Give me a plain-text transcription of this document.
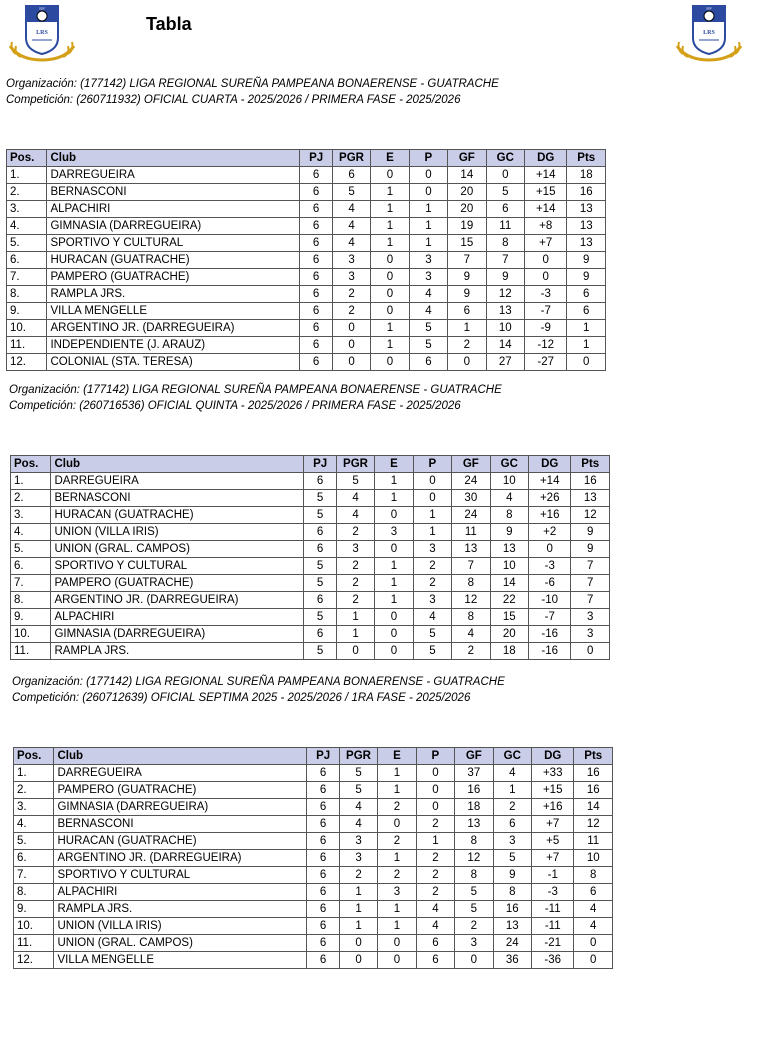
SDF
LRS	Tabla
SDF
LRS
Organización: (177142) LIGA REGIONAL SUREÑA PAMPEANA BONAERENSE - GUATRACHE
Competición: (260711932) OFICIAL CUARTA - 2025/2026 / PRIMERA FASE - 2025/2026
Pos.	Club	PJ	PGR	E	P	GF	GC	DG	Pts
1.	DARREGUEIRA	6	6	0	0	14	0	+14	18
2.	BERNASCONI	6	5	1	0	20	5	+15	16
3.	ALPACHIRI	6	4	1	1	20	6	+14	13
4.	GIMNASIA (DARREGUEIRA)	6	4	1	1	19	11	+8	13
5.	SPORTIVO Y CULTURAL	6	4	1	1	15	8	+7	13
6.	HURACAN (GUATRACHE)	6	3	0	3	7	7	0	9
7.	PAMPERO (GUATRACHE)	6	3	0	3	9	9	0	9
8.	RAMPLA JRS.	6	2	0	4	9	12	-3	6
9.	VILLA MENGELLE	6	2	0	4	6	13	-7	6
10.	ARGENTINO JR. (DARREGUEIRA)	6	0	1	5	1	10	-9	1
11.	INDEPENDIENTE (J. ARAUZ)	6	0	1	5	2	14	-12	1
12.	COLONIAL (STA. TERESA)	6	0	0	6	0	27	-27	0
Organización: (177142) LIGA REGIONAL SUREÑA PAMPEANA BONAERENSE - GUATRACHE
Competición: (260716536) OFICIAL QUINTA - 2025/2026 / PRIMERA FASE - 2025/2026
Pos.	Club	PJ	PGR	E	P	GF	GC	DG	Pts
1.	DARREGUEIRA	6	5	1	0	24	10	+14	16
2.	BERNASCONI	5	4	1	0	30	4	+26	13
3.	HURACAN (GUATRACHE)	5	4	0	1	24	8	+16	12
4.	UNION (VILLA IRIS)	6	2	3	1	11	9	+2	9
5.	UNION (GRAL. CAMPOS)	6	3	0	3	13	13	0	9
6.	SPORTIVO Y CULTURAL	5	2	1	2	7	10	-3	7
7.	PAMPERO (GUATRACHE)	5	2	1	2	8	14	-6	7
8.	ARGENTINO JR. (DARREGUEIRA)	6	2	1	3	12	22	-10	7
9.	ALPACHIRI	5	1	0	4	8	15	-7	3
10.	GIMNASIA (DARREGUEIRA)	6	1	0	5	4	20	-16	3
11.	RAMPLA JRS.	5	0	0	5	2	18	-16	0
Organización: (177142) LIGA REGIONAL SUREÑA PAMPEANA BONAERENSE - GUATRACHE
Competición: (260712639) OFICIAL SEPTIMA 2025 - 2025/2026 / 1RA FASE - 2025/2026
Pos.	Club	PJ	PGR	E	P	GF	GC	DG	Pts
1.	DARREGUEIRA	6	5	1	0	37	4	+33	16
2.	PAMPERO (GUATRACHE)	6	5	1	0	16	1	+15	16
3.	GIMNASIA (DARREGUEIRA)	6	4	2	0	18	2	+16	14
4.	BERNASCONI	6	4	0	2	13	6	+7	12
5.	HURACAN (GUATRACHE)	6	3	2	1	8	3	+5	11
6.	ARGENTINO JR. (DARREGUEIRA)	6	3	1	2	12	5	+7	10
7.	SPORTIVO Y CULTURAL	6	2	2	2	8	9	-1	8
8.	ALPACHIRI	6	1	3	2	5	8	-3	6
9.	RAMPLA JRS.	6	1	1	4	5	16	-11	4
10.	UNION (VILLA IRIS)	6	1	1	4	2	13	-11	4
11.	UNION (GRAL. CAMPOS)	6	0	0	6	3	24	-21	0
12.	VILLA MENGELLE	6	0	0	6	0	36	-36	0
